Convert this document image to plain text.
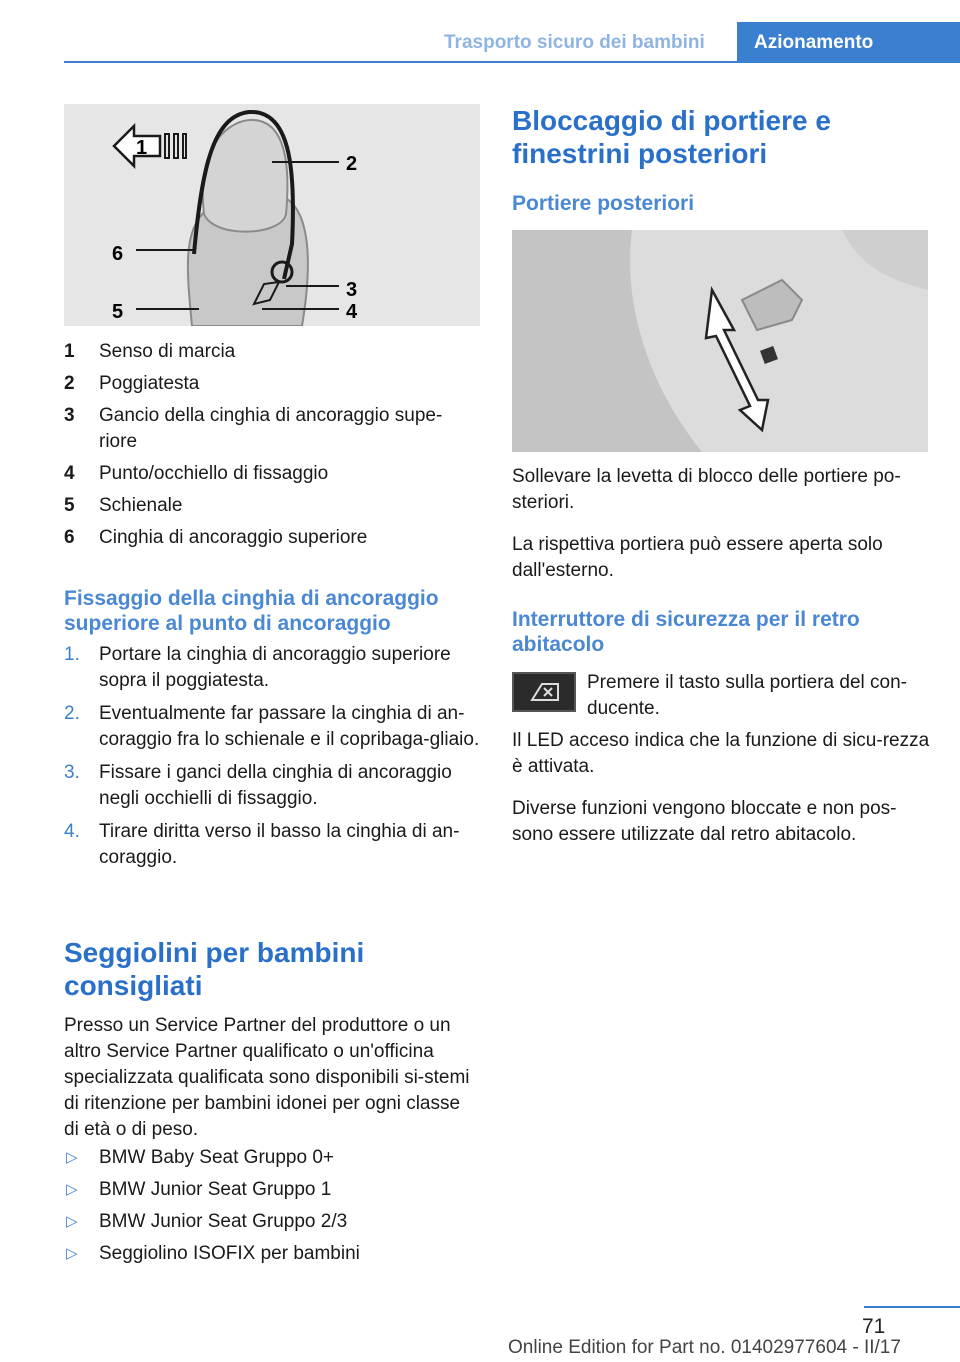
Trasporto sicuro dei bambini	Azionamento
1
2
3
4
5
6
1 Senso di marcia
2 Poggiatesta
3 Gancio della cinghia di ancoraggio supe-riore
4 Punto/occhiello di fissaggio
5 Schienale
6 Cinghia di ancoraggio superiore
Fissaggio della cinghia di ancoraggio superiore al punto di ancoraggio
1. Portare la cinghia di ancoraggio superiore sopra il poggiatesta.
2. Eventualmente far passare la cinghia di an-coraggio fra lo schienale e il copribaga-gliaio.
3. Fissare i ganci della cinghia di ancoraggio negli occhielli di fissaggio.
4. Tirare diritta verso il basso la cinghia di an-coraggio.
Seggiolini per bambini consigliati
Presso un Service Partner del produttore o un altro Service Partner qualificato o un'officina specializzata qualificata sono disponibili si-stemi di ritenzione per bambini idonei per ogni classe di età o di peso.
▷ BMW Baby Seat Gruppo 0+
▷ BMW Junior Seat Gruppo 1
▷ BMW Junior Seat Gruppo 2/3
▷ Seggiolino ISOFIX per bambini
Bloccaggio di portiere e finestrini posteriori
Portiere posteriori
Sollevare la levetta di blocco delle portiere po-steriori.
La rispettiva portiera può essere aperta solo dall'esterno.
Interruttore di sicurezza per il retro abitacolo
Premere il tasto sulla portiera del con-ducente.
Il LED acceso indica che la funzione di sicu-rezza è attivata.
Diverse funzioni vengono bloccate e non pos-sono essere utilizzate dal retro abitacolo.
71
Online Edition for Part no. 01402977604 - II/17
